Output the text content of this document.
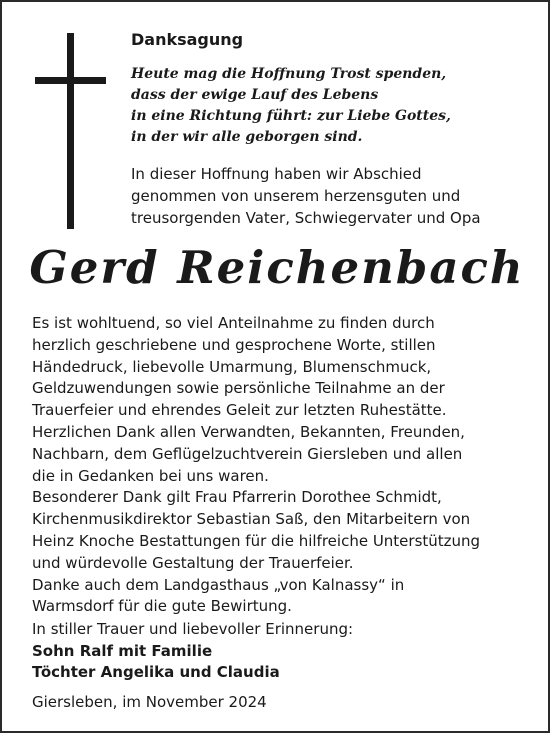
Danksagung

Heute mag die Hoffnung Trost spenden,
dass der ewige Lauf des Lebens
in eine Richtung führt: zur Liebe Gottes,
in der wir alle geborgen sind.

In dieser Hoffnung haben wir Abschied
genommen von unserem herzensguten und
treusorgenden Vater, Schwiegervater und Opa

Gerd Reichenbach

Es ist wohltuend, so viel Anteilnahme zu finden durch
herzlich geschriebene und gesprochene Worte, stillen
Händedruck, liebevolle Umarmung, Blumenschmuck,
Geldzuwendungen sowie persönliche Teilnahme an der
Trauerfeier und ehrendes Geleit zur letzten Ruhestätte.
Herzlichen Dank allen Verwandten, Bekannten, Freunden,
Nachbarn, dem Geflügelzuchtverein Giersleben und allen
die in Gedanken bei uns waren.
Besonderer Dank gilt Frau Pfarrerin Dorothee Schmidt,
Kirchenmusikdirektor Sebastian Saß, den Mitarbeitern von
Heinz Knoche Bestattungen für die hilfreiche Unterstützung
und würdevolle Gestaltung der Trauerfeier.
Danke auch dem Landgasthaus „von Kalnassy“ in
Warmsdorf für die gute Bewirtung.

In stiller Trauer und liebevoller Erinnerung:
Sohn Ralf mit Familie
Töchter Angelika und Claudia

Giersleben, im November 2024
